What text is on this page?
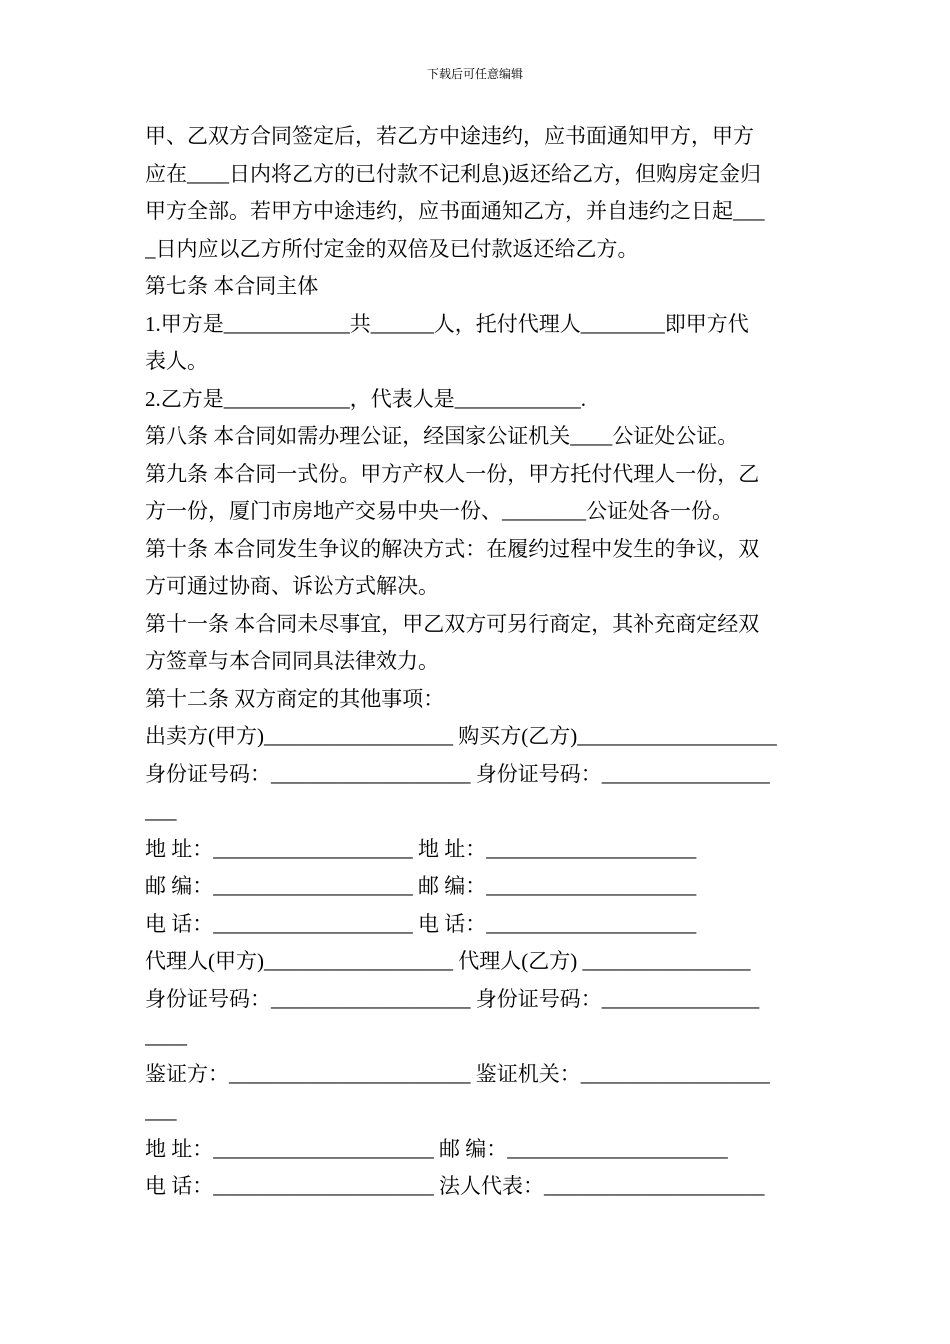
下载后可任意编辑

甲、乙双方合同签定后，若乙方中途违约，应书面通知甲方，甲方

应在____日内将乙方的已付款不记利息)返还给乙方，但购房定金归

甲方全部。若甲方中途违约，应书面通知乙方，并自违约之日起___

_日内应以乙方所付定金的双倍及已付款返还给乙方。

第七条 本合同主体

1.甲方是____________共______人，托付代理人________即甲方代

表人。

2.乙方是____________，代表人是____________.

第八条 本合同如需办理公证，经国家公证机关____公证处公证。

第九条 本合同一式份。甲方产权人一份，甲方托付代理人一份，乙

方一份，厦门市房地产交易中央一份、________公证处各一份。

第十条 本合同发生争议的解决方式：在履约过程中发生的争议，双

方可通过协商、诉讼方式解决。

第十一条 本合同未尽事宜，甲乙双方可另行商定，其补充商定经双

方签章与本合同同具法律效力。

第十二条 双方商定的其他事项：

出卖方(甲方)__________________ 购买方(乙方)___________________

身份证号码：___________________ 身份证号码：________________

___

地 址：___________________ 地 址：____________________

邮 编：___________________ 邮 编：____________________

电 话：___________________ 电 话：____________________

代理人(甲方)__________________ 代理人(乙方) ________________

身份证号码：___________________ 身份证号码：_______________

____

鉴证方：_______________________ 鉴证机关：__________________

___

地 址：_____________________ 邮 编：_____________________

电 话：_____________________ 法人代表：_____________________
